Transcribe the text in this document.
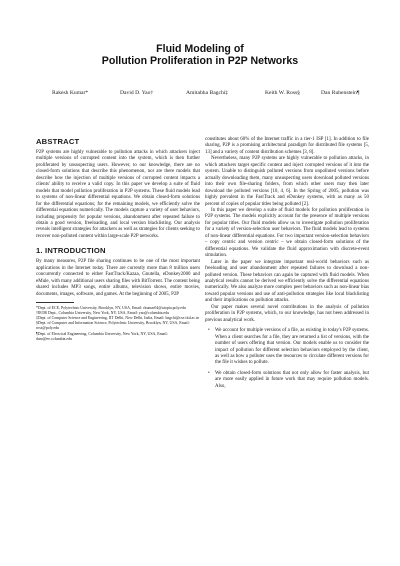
Fluid Modeling of
Pollution Proliferation in P2P Networks
Rakesh Kumar*	David D. Yao†	Amitabha Bagchi‡	Keith W. Ross§	Dan Rubenstein¶
ABSTRACT

P2P systems are highly vulnerable to pollution attacks in which attackers inject multiple versions of corrupted content into the system, which is then further proliferated by unsuspecting users. However, to our knowledge, there are no closed-form solutions that describe this phenomenon, nor are there models that describe how the injection of multiple versions of corrupted content impacts a clients' ability to receive a valid copy. In this paper we develop a suite of fluid models that model pollution proliferation in P2P systems. These fluid models lead to systems of non-linear differential equations. We obtain closed-form solutions for the differential equations; for the remaining models, we efficiently solve the differential equations numerically. The models capture a variety of user behaviors, including propensity for popular versions, abandonment after repeated failure to obtain a good version, freeloading, and local version blacklisting. Our analysis reveals intelligent strategies for attackers as well as strategies for clients seeking to recover non-polluted content within large-scale P2P networks.

1. INTRODUCTION

By many measures, P2P file sharing continues to be one of the most important applications in the Internet today. There are currently more than 8 million users concurrently connected to either FastTrack/Kazaa, Gnutella, eDonkey2000 and eMule, with many additional users sharing files with BitTorrent. The content being shared includes MP3 songs, entire albums, television shows, entire movies, documents, images, software, and games. At the beginning of 2005, P2P

*Dept. of ECE, Polytechnic University, Brooklyn, NY, USA, Email: rkumar04@utopia.poly.edu

†IEOR Dept., Columbia University, New York, NY, USA, Email: yao@columbia.edu

‡Dept. of Computer Science and Engineering, IIT Delhi, New Delhi, India, Email: bagchi@cse.iitd.ac.in

§Dept. of Computer and Information Science, Polytechnic University, Brooklyn, NY, USA, Email: ross@poly.edu

¶Dept. of Electrical Engineering, Columbia University, New York, NY, USA, Email: danr@ee.columbia.edu

constitutes about 60% of the Internet traffic in a tier-1 ISP [1]. In addition to file sharing, P2P is a promising architectural paradigm for distributed file systems [5, 13] and a variety of content distribution schemes [3, 8].

Nevertheless, many P2P systems are highly vulnerable to pollution attacks, in which attackers target specific content and inject corrupted versions of it into the system. Unable to distinguish polluted versions from unpolluted versions before actually downloading them, many unsuspecting users download polluted versions into their own file-sharing folders, from which other users may then later download the polluted versions [10, 4, 6]. In the Spring of 2005, pollution was highly prevalent in the FastTrack and eDonkey systems, with as many as 50 percent of copies of popular titles being polluted [2].

In this paper we develop a suite of fluid models for pollution proliferation in P2P systems. The models explicitly account for the presence of multiple versions for popular titles. Our fluid models allow us to investigate pollution proliferation for a variety of version-selection user behaviors. The fluid models lead to systems of non-linear differential equations. For two important version-selection behaviors – copy centric and version centric – we obtain closed-form solutions of the differential equations. We validate the fluid approximation with discrete-event simulation.

Later in the paper we integrate important real-world behaviors such as freeloading and user abandonment after repeated failures to download a non-polluted version. These behaviors can again be captured with fluid models. When analytical results cannot be derived we efficiently solve the differential equations numerically. We also analyze more complex peer behaviors such as non-linear bias toward popular versions and use of anti-pollution strategies like local blacklisting and their implications on pollution attacks.

Our paper makes several novel contributions in the analysis of pollution proliferation in P2P systems, which, to our knowledge, has not been addressed in previous analytical work.

• We account for multiple versions of a file, as existing in today's P2P systems. When a client searches for a file, they are returned a list of versions, with the number of users offering that version. Our models enable us to consider the impact of pollution for different selection behaviors employed by the client, as well as how a polluter uses the resources to circulate different versions for the file it wishes to pollute.
• We obtain closed-form solutions that not only allow for faster analysis, but are more easily applied in future work that may require pollution models. Also,
